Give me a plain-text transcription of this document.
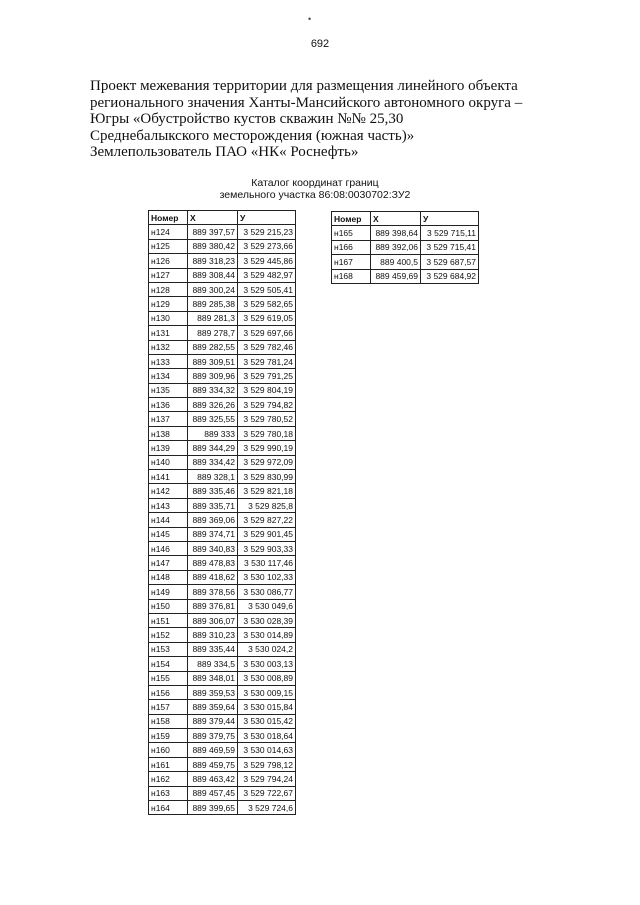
•
692
Проект межевания территории для размещения линейного объекта
регионального значения Ханты-Мансийского автономного округа –
Югры «Обустройство кустов скважин №№ 25,30
Среднебалыкского месторождения (южная часть)»
Землепользователь ПАО «НК« Роснефть»
Каталог координат границ
земельного участка 86:08:0030702:ЗУ2
Номер	X	У
н124	889 397,57	3 529 215,23
н125	889 380,42	3 529 273,66
н126	889 318,23	3 529 445,86
н127	889 308,44	3 529 482,97
н128	889 300,24	3 529 505,41
н129	889 285,38	3 529 582,65
н130	889 281,3	3 529 619,05
н131	889 278,7	3 529 697,66
н132	889 282,55	3 529 782,46
н133	889 309,51	3 529 781,24
н134	889 309,96	3 529 791,25
н135	889 334,32	3 529 804,19
н136	889 326,26	3 529 794,82
н137	889 325,55	3 529 780,52
н138	889 333	3 529 780,18
н139	889 344,29	3 529 990,19
н140	889 334,42	3 529 972,09
н141	889 328,1	3 529 830,99
н142	889 335,46	3 529 821,18
н143	889 335,71	3 529 825,8
н144	889 369,06	3 529 827,22
н145	889 374,71	3 529 901,45
н146	889 340,83	3 529 903,33
н147	889 478,83	3 530 117,46
н148	889 418,62	3 530 102,33
н149	889 378,56	3 530 086,77
н150	889 376,81	3 530 049,6
н151	889 306,07	3 530 028,39
н152	889 310,23	3 530 014,89
н153	889 335,44	3 530 024,2
н154	889 334,5	3 530 003,13
н155	889 348,01	3 530 008,89
н156	889 359,53	3 530 009,15
н157	889 359,64	3 530 015,84
н158	889 379,44	3 530 015,42
н159	889 379,75	3 530 018,64
н160	889 469,59	3 530 014,63
н161	889 459,75	3 529 798,12
н162	889 463,42	3 529 794,24
н163	889 457,45	3 529 722,67
н164	889 399,65	3 529 724,6
Номер	X	У
н165	889 398,64	3 529 715,11
н166	889 392,06	3 529 715,41
н167	889 400,5	3 529 687,57
н168	889 459,69	3 529 684,92
